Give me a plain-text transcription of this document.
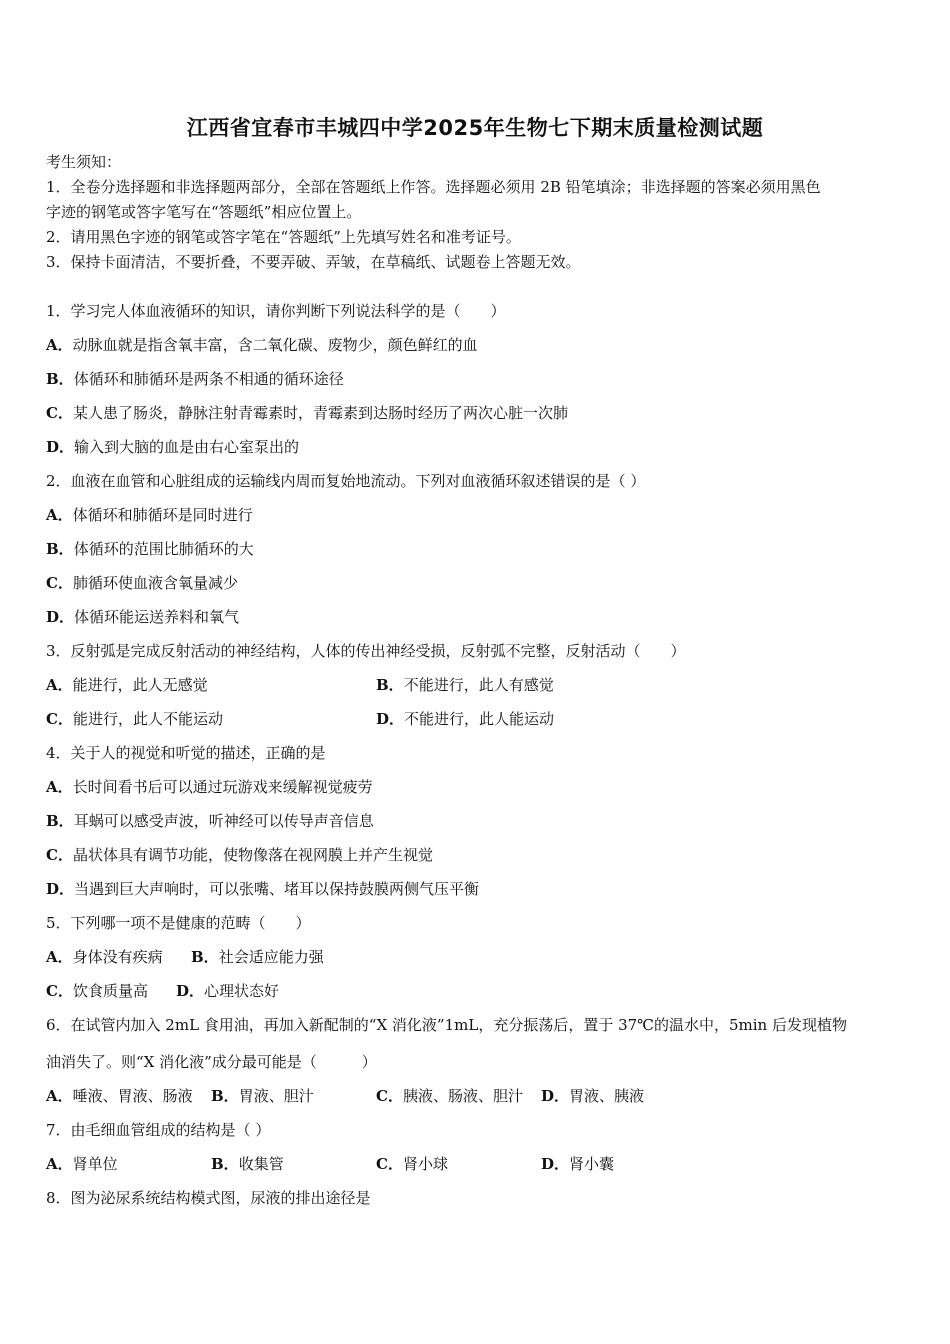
江西省宜春市丰城四中学2025年生物七下期末质量检测试题
考生须知：
1．全卷分选择题和非选择题两部分，全部在答题纸上作答。选择题必须用 2B 铅笔填涂；非选择题的答案必须用黑色
字迹的钢笔或答字笔写在“答题纸”相应位置上。
2．请用黑色字迹的钢笔或答字笔在“答题纸”上先填写姓名和准考证号。
3．保持卡面清洁，不要折叠，不要弄破、弄皱，在草稿纸、试题卷上答题无效。
1．学习完人体血液循环的知识，请你判断下列说法科学的是（　　）
A．动脉血就是指含氧丰富，含二氧化碳、废物少，颜色鲜红的血
B．体循环和肺循环是两条不相通的循环途径
C．某人患了肠炎，静脉注射青霉素时，青霉素到达肠时经历了两次心脏一次肺
D．输入到大脑的血是由右心室泵出的
2．血液在血管和心脏组成的运输线内周而复始地流动。下列对血液循环叙述错误的是（ ）
A．体循环和肺循环是同时进行
B．体循环的范围比肺循环的大
C．肺循环使血液含氧量减少
D．体循环能运送养料和氧气
3．反射弧是完成反射活动的神经结构，人体的传出神经受损，反射弧不完整，反射活动（　　）
A．能进行，此人无感觉	B．不能进行，此人有感觉
C．能进行，此人不能运动	D．不能进行，此人能运动
4．关于人的视觉和听觉的描述，正确的是
A．长时间看书后可以通过玩游戏来缓解视觉疲劳
B．耳蜗可以感受声波，听神经可以传导声音信息
C．晶状体具有调节功能，使物像落在视网膜上并产生视觉
D．当遇到巨大声响时，可以张嘴、堵耳以保持鼓膜两侧气压平衡
5．下列哪一项不是健康的范畴（　　）
A．身体没有疾病 B．社会适应能力强
C．饮食质量高 D．心理状态好
6．在试管内加入 2mL 食用油，再加入新配制的“X 消化液”1mL，充分振荡后，置于 37℃的温水中，5min 后发现植物
油消失了。则“X 消化液”成分最可能是（　　　）
A．唾液、胃液、肠液 B．胃液、胆汁	C．胰液、肠液、胆汁 D．胃液、胰液
7．由毛细血管组成的结构是（ ）
A．肾单位	B．收集管	C．肾小球	D．肾小囊
8．图为泌尿系统结构模式图，尿液的排出途径是
